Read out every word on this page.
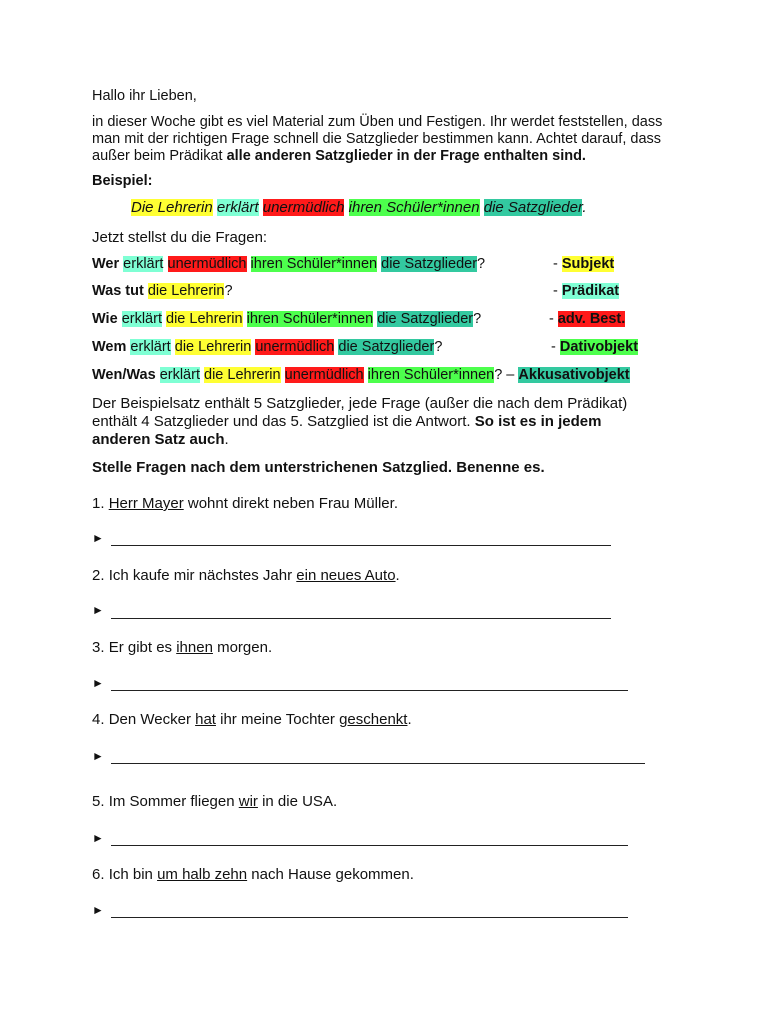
Hallo ihr Lieben,
in dieser Woche gibt es viel Material zum Üben und Festigen. Ihr werdet feststellen, dass
man mit der richtigen Frage schnell die Satzglieder bestimmen kann. Achtet darauf, dass
außer beim Prädikat alle anderen Satzglieder in der Frage enthalten sind.
Beispiel:
Die Lehrerin erklärt unermüdlich ihren Schüler*innen die Satzglieder.
Jetzt stellst du die Fragen:
Wer erklärt unermüdlich ihren Schüler*innen die Satzglieder?	- Subjekt
Was tut die Lehrerin?	- Prädikat
Wie erklärt die Lehrerin ihren Schüler*innen die Satzglieder?	- adv. Best.
Wem erklärt die Lehrerin unermüdlich die Satzglieder?	- Dativobjekt
Wen/Was erklärt die Lehrerin unermüdlich ihren Schüler*innen? – Akkusativobjekt
Der Beispielsatz enthält 5 Satzglieder, jede Frage (außer die nach dem Prädikat)
enthält 4 Satzglieder und das 5. Satzglied ist die Antwort. So ist es in jedem
anderen Satz auch.
Stelle Fragen nach dem unterstrichenen Satzglied. Benenne es.
1. Herr Mayer wohnt direkt neben Frau Müller.
►
2. Ich kaufe mir nächstes Jahr ein neues Auto.
►
3. Er gibt es ihnen morgen.
►
4. Den Wecker hat ihr meine Tochter geschenkt.
►
5. Im Sommer fliegen wir in die USA.
►
6. Ich bin um halb zehn nach Hause gekommen.
►
